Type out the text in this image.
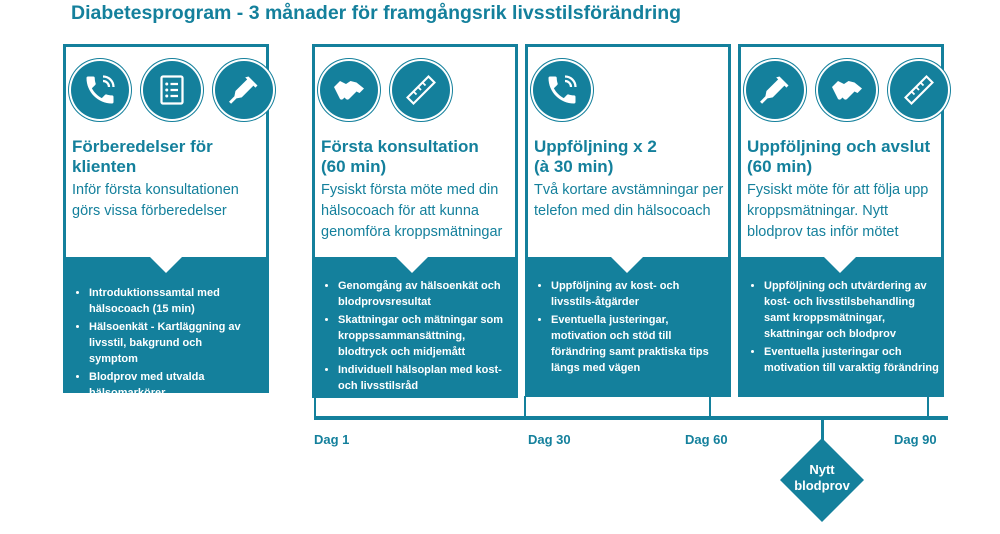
Diabetesprogram - 3 månader för framgångsrik livsstilsförändring
Förberedelser för
klienten
Inför första konsultationen
görs vissa förberedelser
• Introduktionssamtal med hälsocoach (15 min)
• Hälsoenkät - Kartläggning av livsstil, bakgrund och symptom
• Blodprov med utvalda hälsomarkörer
Första konsultation
(60 min)
Fysiskt första möte med din
hälsocoach för att kunna
genomföra kroppsmätningar
• Genomgång av hälsoenkät och blodprovsresultat
• Skattningar och mätningar som kroppssammansättning, blodtryck och midjemått
• Individuell hälsoplan med kost- och livsstilsråd
Uppföljning x 2
(à 30 min)
Två kortare avstämningar per
telefon med din hälsocoach
• Uppföljning av kost- och livsstils-åtgärder
• Eventuella justeringar, motivation och stöd till förändring samt praktiska tips längs med vägen
Uppföljning och avslut
(60 min)
Fysiskt möte för att följa upp
kroppsmätningar. Nytt
blodprov tas inför mötet
• Uppföljning och utvärdering av kost- och livsstilsbehandling samt kroppsmätningar, skattningar och blodprov
• Eventuella justeringar och motivation till varaktig förändring
Dag 1	Dag 30	Dag 60	Dag 90
Nytt
blodprov
